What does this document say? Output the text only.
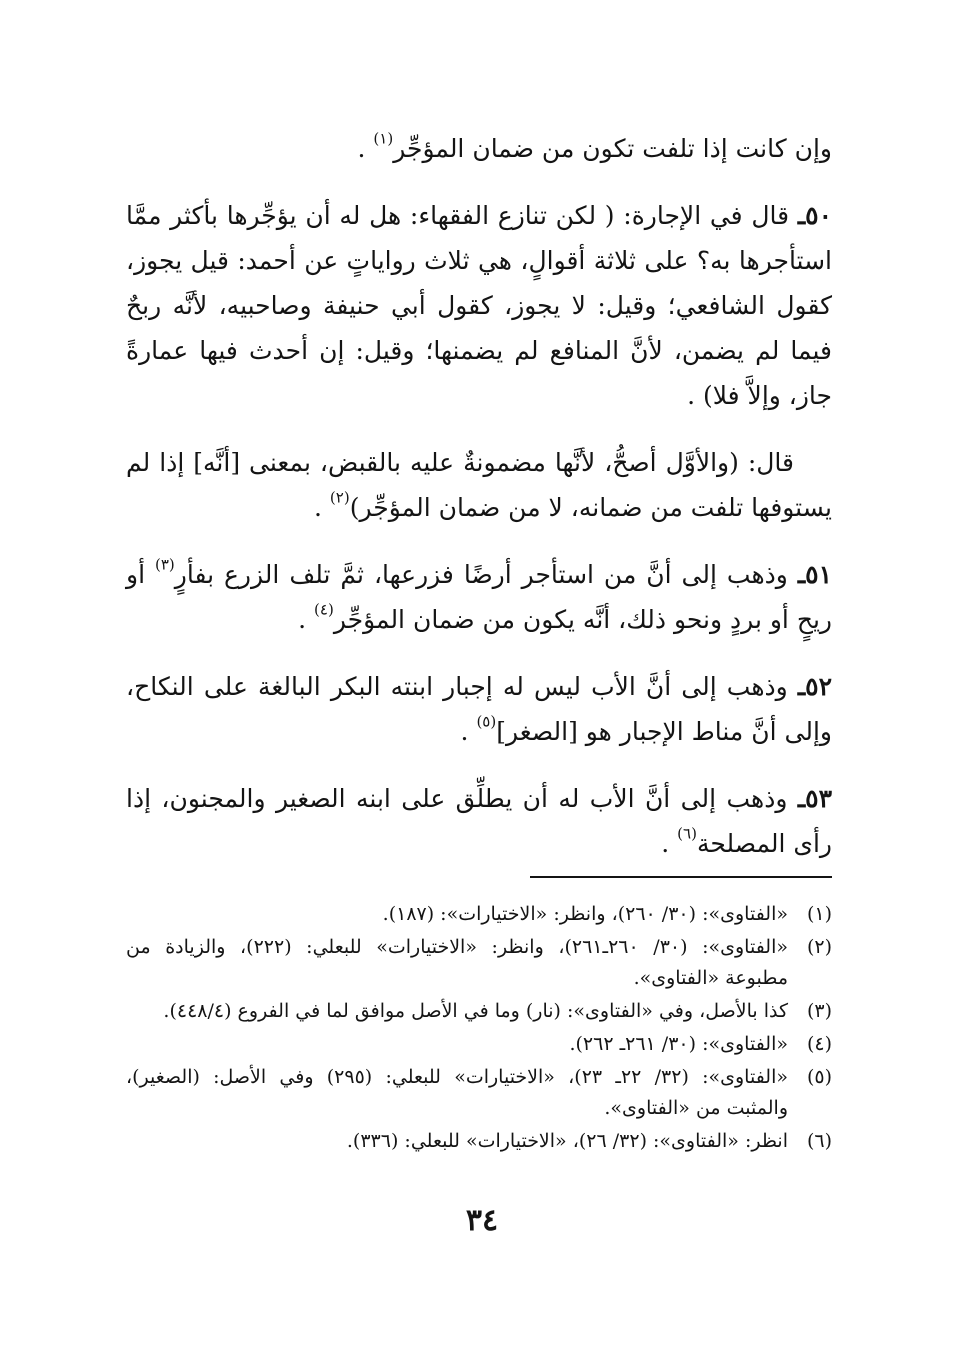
وإن كانت إذا تلفت تكون من ضمان المؤجِّر$^{(١)}$ .

٥٠ـ قال في الإجارة: ( لكن تنازع الفقهاء: هل له أن يؤجِّرها بأكثر ممَّا استأجرها به؟ على ثلاثة أقوالٍ، هي ثلاث رواياتٍ عن أحمد: قيل يجوز، كقول الشافعي؛ وقيل: لا يجوز، كقول أبي حنيفة وصاحبيه، لأنَّه ربحٌ فيما لم يضمن، لأنَّ المنافع لم يضمنها؛ وقيل: إن أحدث فيها عمارةً جاز، وإلاَّ فلا) .

قال: (والأوَّل أصحُّ، لأنَّها مضمونةٌ عليه بالقبض، بمعنى [أنَّه] إذا لم يستوفها تلفت من ضمانه، لا من ضمان المؤجِّر)$^{(٢)}$ .

٥١ـ وذهب إلى أنَّ من استأجر أرضًا فزرعها، ثمَّ تلف الزرع بفأرٍ$^{(٣)}$ أو ريحٍ أو بردٍ ونحو ذلك، أنَّه يكون من ضمان المؤجِّر$^{(٤)}$ .

٥٢ـ وذهب إلى أنَّ الأب ليس له إجبار ابنته البكر البالغة على النكاح، وإلى أنَّ مناط الإجبار هو [الصغر]$^{(٥)}$ .

٥٣ـ وذهب إلى أنَّ الأب له أن يطلِّق على ابنه الصغير والمجنون، إذا رأى المصلحة$^{(٦)}$ .

(١)
«الفتاوى»: (٣٠/ ٢٦٠)، وانظر: «الاختيارات»: (١٨٧).
(٢)
«الفتاوى»: (٣٠/ ٢٦٠ـ٢٦١)، وانظر: «الاختيارات» للبعلي: (٢٢٢)، والزيادة من مطبوعة «الفتاوى».
(٣)
كذا بالأصل، وفي «الفتاوى»: (نار) وما في الأصل موافق لما في الفروع (٤٤٨/٤).
(٤)
«الفتاوى»: (٣٠/ ٢٦١ـ ٢٦٢).
(٥)
«الفتاوى»: (٣٢/ ٢٢ـ ٢٣)، «الاختيارات» للبعلي: (٢٩٥) وفي الأصل: (الصغير)، والمثبت من «الفتاوى».
(٦)
انظر: «الفتاوى»: (٣٢/ ٢٦)، «الاختيارات» للبعلي: (٣٣٦).
٣٤
